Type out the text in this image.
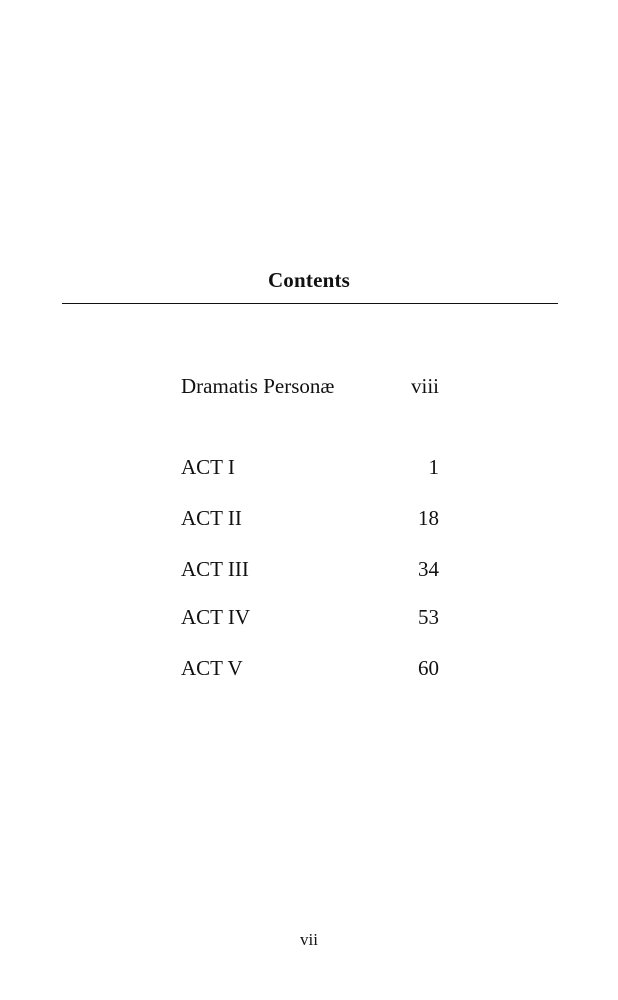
Contents
Dramatis Personæ	viii
ACT I	1
ACT II	18
ACT III	34
ACT IV	53
ACT V	60
vii
